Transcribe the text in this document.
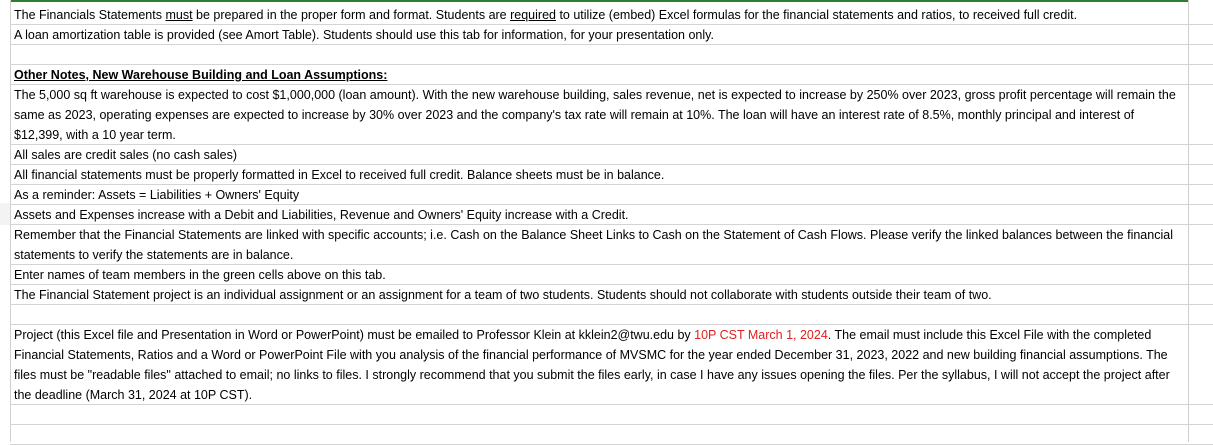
The Financials Statements must be prepared in the proper form and format. Students are required to utilize (embed) Excel formulas for the financial statements and ratios, to received full credit.
A loan amortization table is provided (see Amort Table). Students should use this tab for information, for your presentation only.
Other Notes, New Warehouse Building and Loan Assumptions:
The 5,000 sq ft warehouse is expected to cost $1,000,000 (loan amount). With the new warehouse building, sales revenue, net is expected to increase by 250% over 2023, gross profit percentage will remain the same as 2023, operating expenses are expected to increase by 30% over 2023 and the company's tax rate will remain at 10%. The loan will have an interest rate of 8.5%, monthly principal and interest of $12,399, with a 10 year term.
All sales are credit sales (no cash sales)
All financial statements must be properly formatted in Excel to received full credit. Balance sheets must be in balance.
As a reminder: Assets = Liabilities + Owners' Equity
Assets and Expenses increase with a Debit and Liabilities, Revenue and Owners' Equity increase with a Credit.
Remember that the Financial Statements are linked with specific accounts; i.e. Cash on the Balance Sheet Links to Cash on the Statement of Cash Flows. Please verify the linked balances between the financial statements to verify the statements are in balance.
Enter names of team members in the green cells above on this tab.
The Financial Statement project is an individual assignment or an assignment for a team of two students. Students should not collaborate with students outside their team of two.
Project (this Excel file and Presentation in Word or PowerPoint) must be emailed to Professor Klein at kklein2@twu.edu by 10P CST March 1, 2024. The email must include this Excel File with the completed Financial Statements, Ratios and a Word or PowerPoint File with you analysis of the financial performance of MVSMC for the year ended December 31, 2023, 2022 and new building financial assumptions. The files must be "readable files" attached to email; no links to files. I strongly recommend that you submit the files early, in case I have any issues opening the files. Per the syllabus, I will not accept the project after the deadline (March 31, 2024 at 10P CST).
